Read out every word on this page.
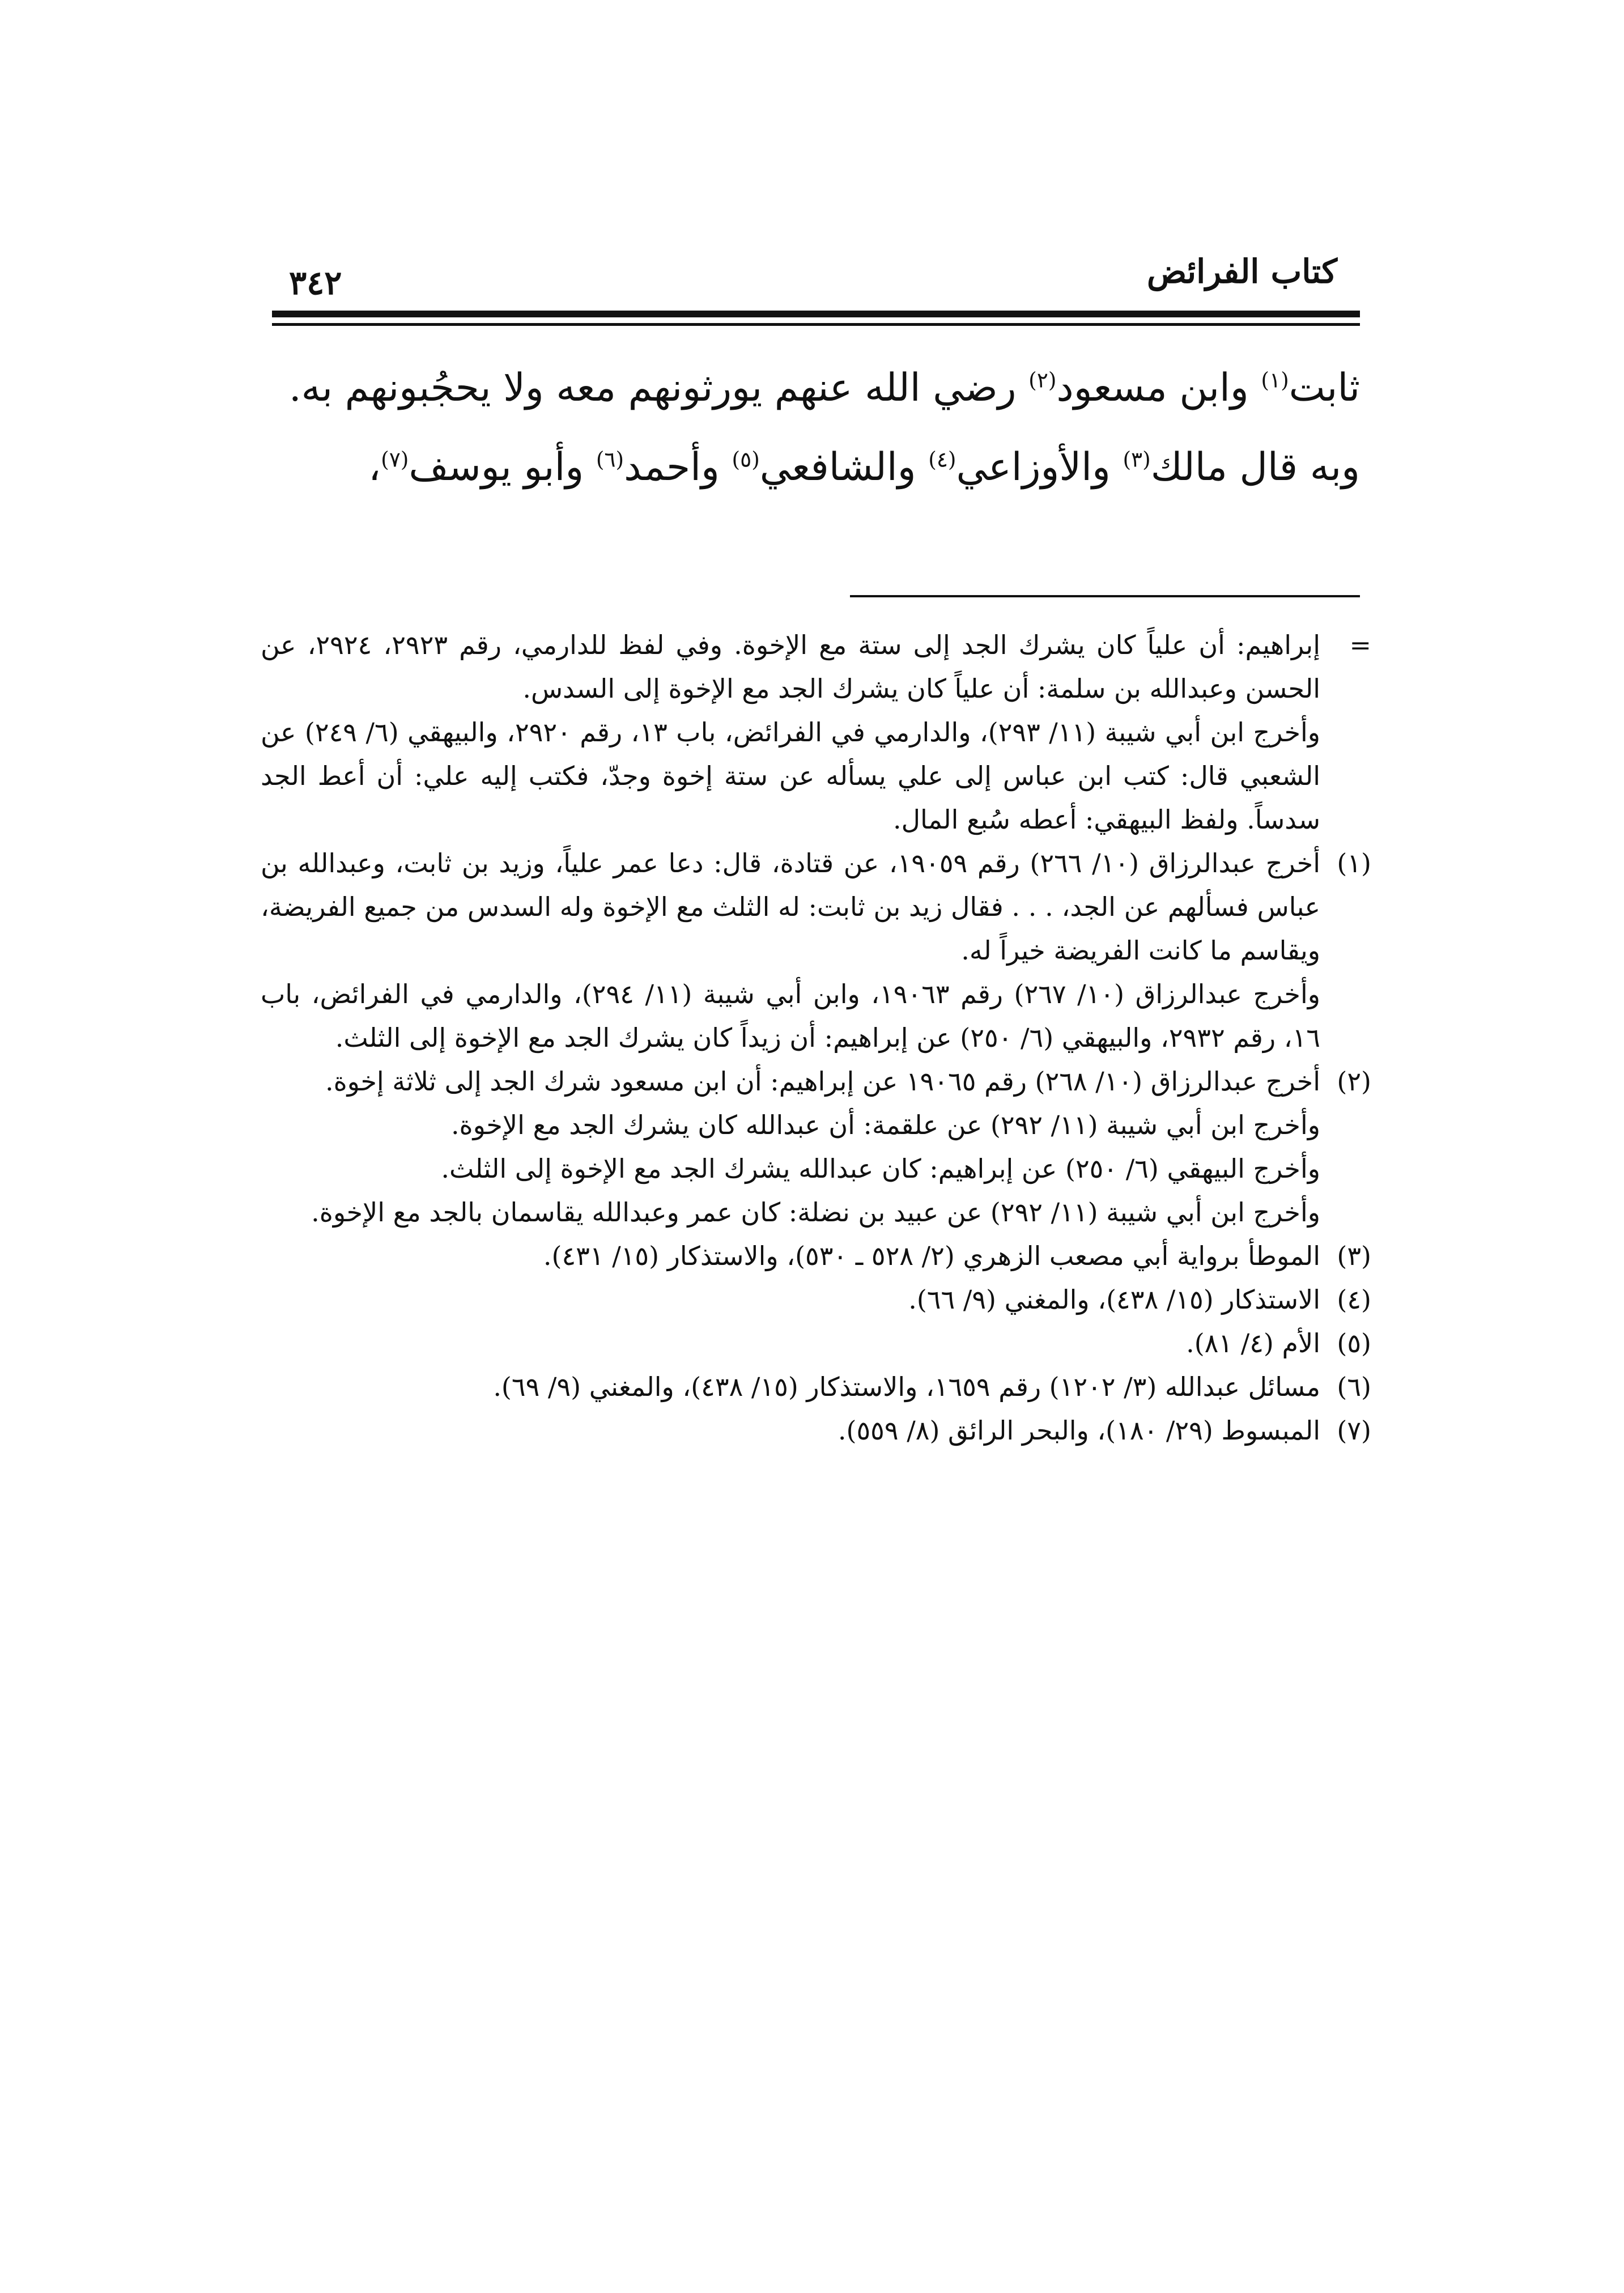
كتاب الفرائض
٣٤٢
ثابت$^{(١)}$ وابن مسعود$^{(٢)}$ رضي الله عنهم يورثونهم معه ولا يحجُبونهم به.
وبه قال مالك$^{(٣)}$ والأوزاعي$^{(٤)}$ والشافعي$^{(٥)}$ وأحمد$^{(٦)}$ وأبو يوسف$^{(٧)}$،
=

إبراهيم: أن علياً كان يشرك الجد إلى ستة مع الإخوة. وفي لفظ للدارمي، رقم ٢٩٢٣، ٢٩٢٤، عن الحسن وعبدالله بن سلمة: أن علياً كان يشرك الجد مع الإخوة إلى السدس.

وأخرج ابن أبي شيبة (١١/ ٢٩٣)، والدارمي في الفرائض، باب ١٣، رقم ٢٩٢٠، والبيهقي (٦/ ٢٤٩) عن الشعبي قال: كتب ابن عباس إلى علي يسأله عن ستة إخوة وجدّ، فكتب إليه علي: أن أعط الجد سدساً. ولفظ البيهقي: أعطه سُبع المال.

(١)

أخرج عبدالرزاق (١٠/ ٢٦٦) رقم ١٩٠٥٩، عن قتادة، قال: دعا عمر علياً، وزيد بن ثابت، وعبدالله بن عباس فسألهم عن الجد، . . . فقال زيد بن ثابت: له الثلث مع الإخوة وله السدس من جميع الفريضة، ويقاسم ما كانت الفريضة خيراً له.

وأخرج عبدالرزاق (١٠/ ٢٦٧) رقم ١٩٠٦٣، وابن أبي شيبة (١١/ ٢٩٤)، والدارمي في الفرائض، باب ١٦، رقم ٢٩٣٢، والبيهقي (٦/ ٢٥٠) عن إبراهيم: أن زيداً كان يشرك الجد مع الإخوة إلى الثلث.

(٢)

أخرج عبدالرزاق (١٠/ ٢٦٨) رقم ١٩٠٦٥ عن إبراهيم: أن ابن مسعود شرك الجد إلى ثلاثة إخوة.

وأخرج ابن أبي شيبة (١١/ ٢٩٢) عن علقمة: أن عبدالله كان يشرك الجد مع الإخوة.

وأخرج البيهقي (٦/ ٢٥٠) عن إبراهيم: كان عبدالله يشرك الجد مع الإخوة إلى الثلث.

وأخرج ابن أبي شيبة (١١/ ٢٩٢) عن عبيد بن نضلة: كان عمر وعبدالله يقاسمان بالجد مع الإخوة.

(٣)

الموطأ برواية أبي مصعب الزهري (٢/ ٥٢٨ ـ ٥٣٠)، والاستذكار (١٥/ ٤٣١).

(٤)

الاستذكار (١٥/ ٤٣٨)، والمغني (٩/ ٦٦).

(٥)

الأم (٤/ ٨١).

(٦)

مسائل عبدالله (٣/ ١٢٠٢) رقم ١٦٥٩، والاستذكار (١٥/ ٤٣٨)، والمغني (٩/ ٦٩).

(٧)

المبسوط (٢٩/ ١٨٠)، والبحر الرائق (٨/ ٥٥٩).
